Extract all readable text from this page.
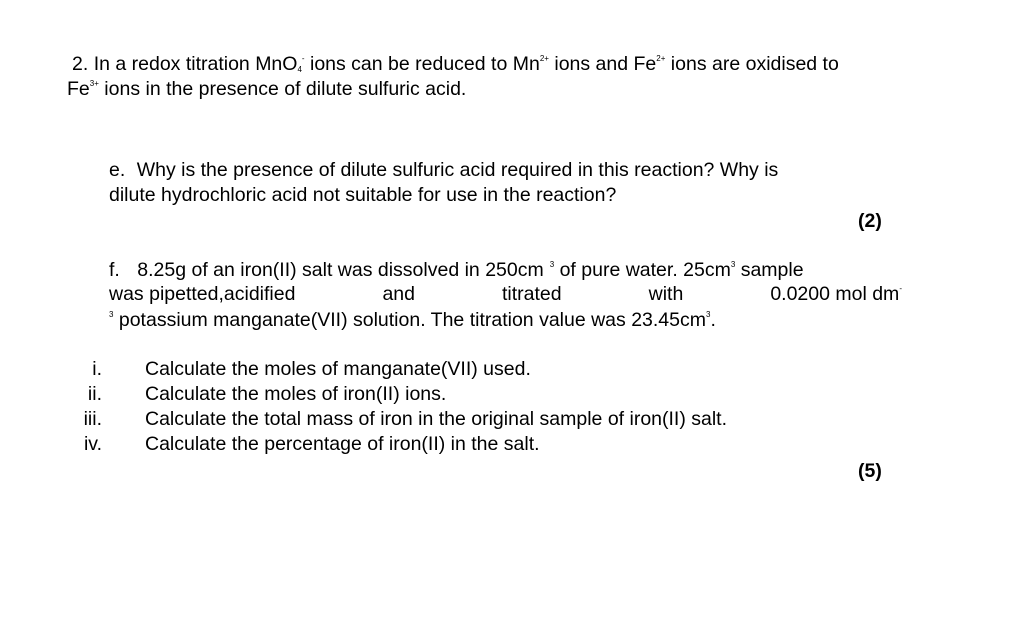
2. In a redox titration MnO$_4$- ions can be reduced to $Mn^{2+}$ ions and $Fe^{2+}$ ions are oxidised to
$Fe^{3+}$ ions in the presence of dilute sulfuric acid.
e. Why is the presence of dilute sulfuric acid required in this reaction? Why is
dilute hydrochloric acid not suitable for use in the reaction?
(2)
f. 8.25g of an iron(II) salt was dissolved in 250cm $^3$ of pure water. $25cm^3$ sample
was pipetted,acidified	and	titrated	with	0.0200 mol dm-
$^3$ potassium manganate(VII) solution. The titration value was $23.45cm^3$.
i. Calculate the moles of manganate(VII) used.
ii. Calculate the moles of iron(II) ions.
iii. Calculate the total mass of iron in the original sample of iron(II) salt.
iv. Calculate the percentage of iron(II) in the salt.
(5)
